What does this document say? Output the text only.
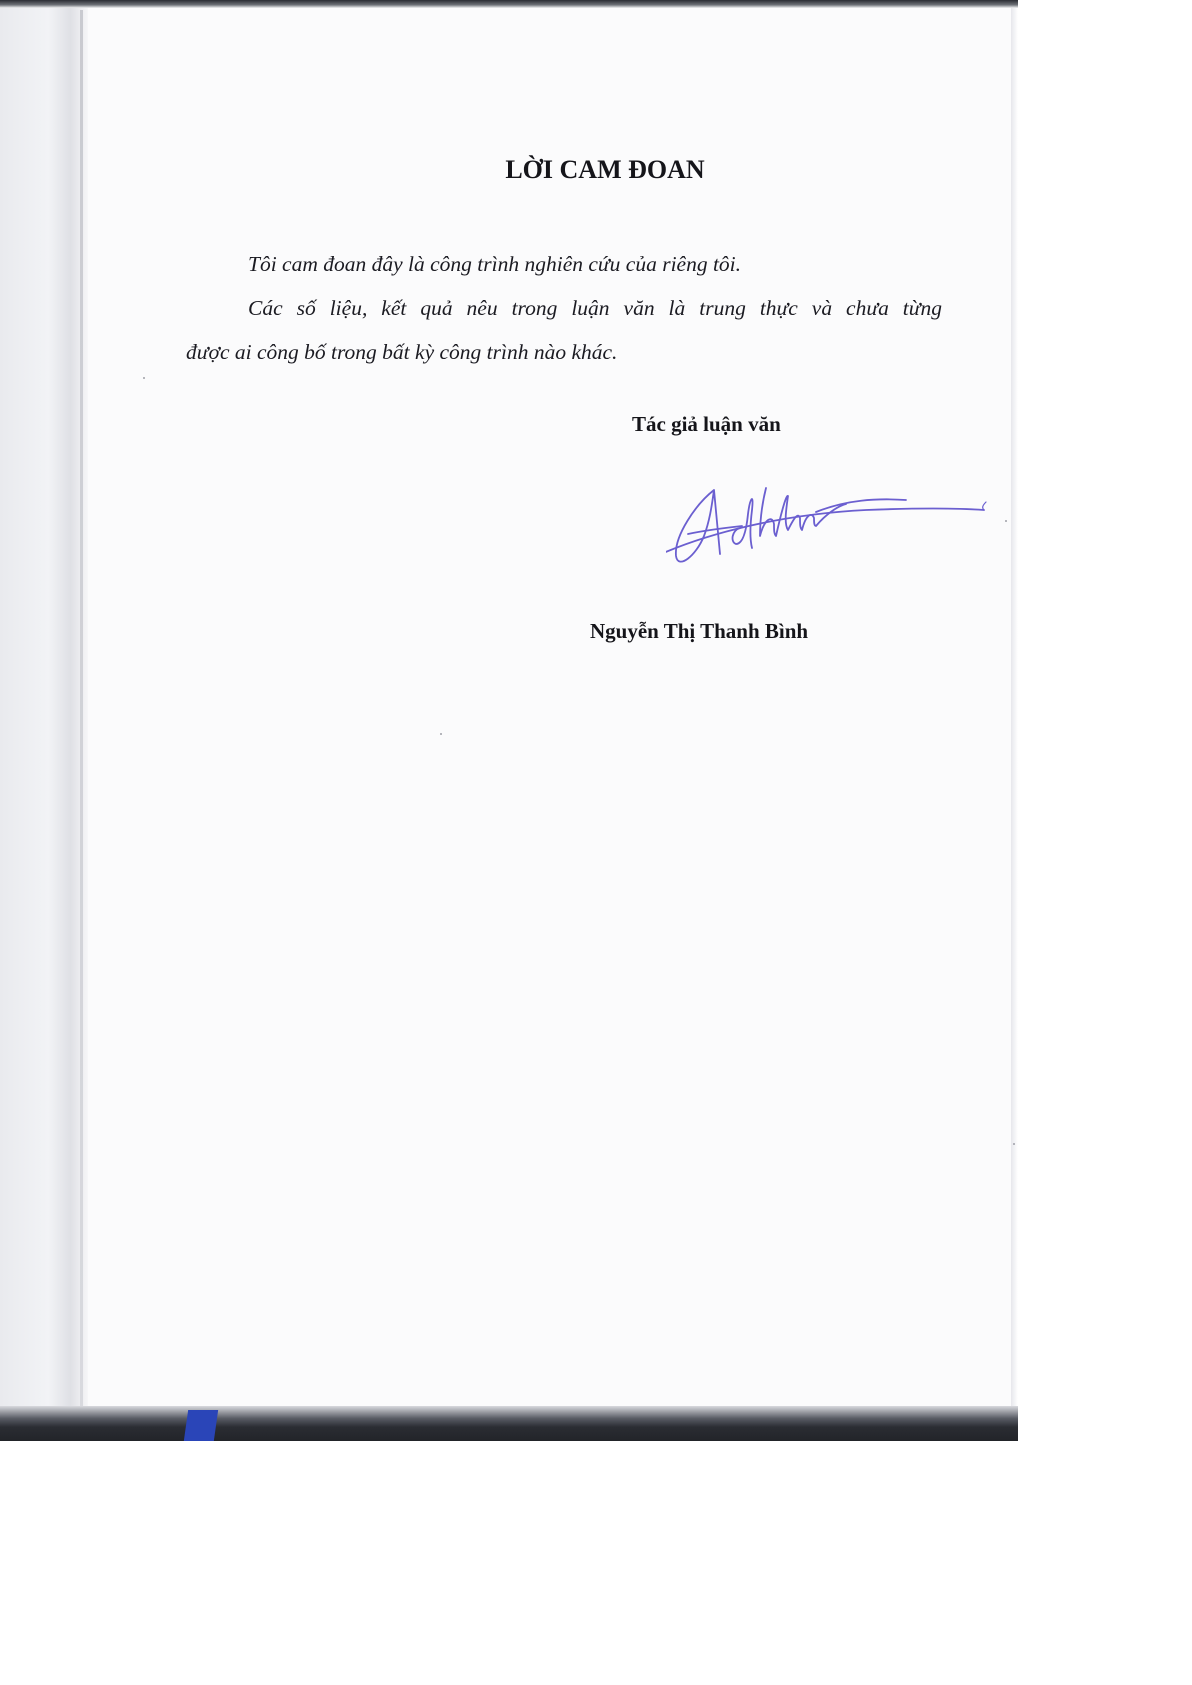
LỜI CAM ĐOAN

Tôi cam đoan đây là công trình nghiên cứu của riêng tôi.

Các số liệu, kết quả nêu trong luận văn là trung thực và chưa từng

được ai công bố trong bất kỳ công trình nào khác.

Tác giả luận văn

Nguyễn Thị Thanh Bình
